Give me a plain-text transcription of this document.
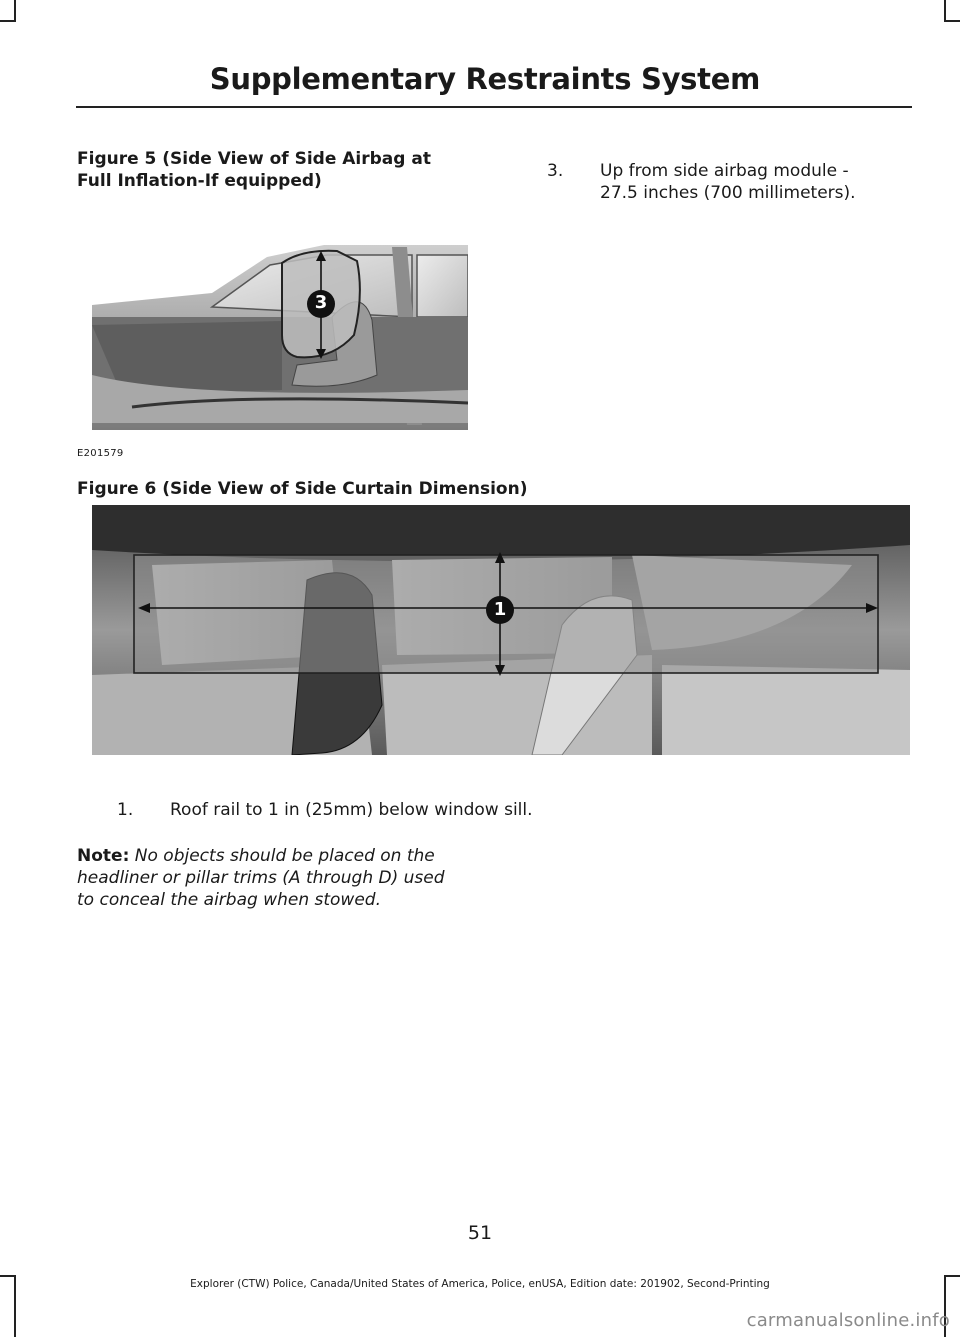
Supplementary Restraints System
Figure 5 (Side View of Side Airbag at
Full Inflation-If equipped)	3. Up from side airbag module -
27.5 inches (700 millimeters).
3
E201579
Figure 6 (Side View of Side Curtain Dimension)
1
1. Roof rail to 1 in (25mm) below window sill.
Note: No objects should be placed on the
headliner or pillar trims (A through D) used
to conceal the airbag when stowed.
51
Explorer (CTW) Police, Canada/United States of America, Police, enUSA, Edition date: 201902, Second-Printing
carmanualsonline.info
